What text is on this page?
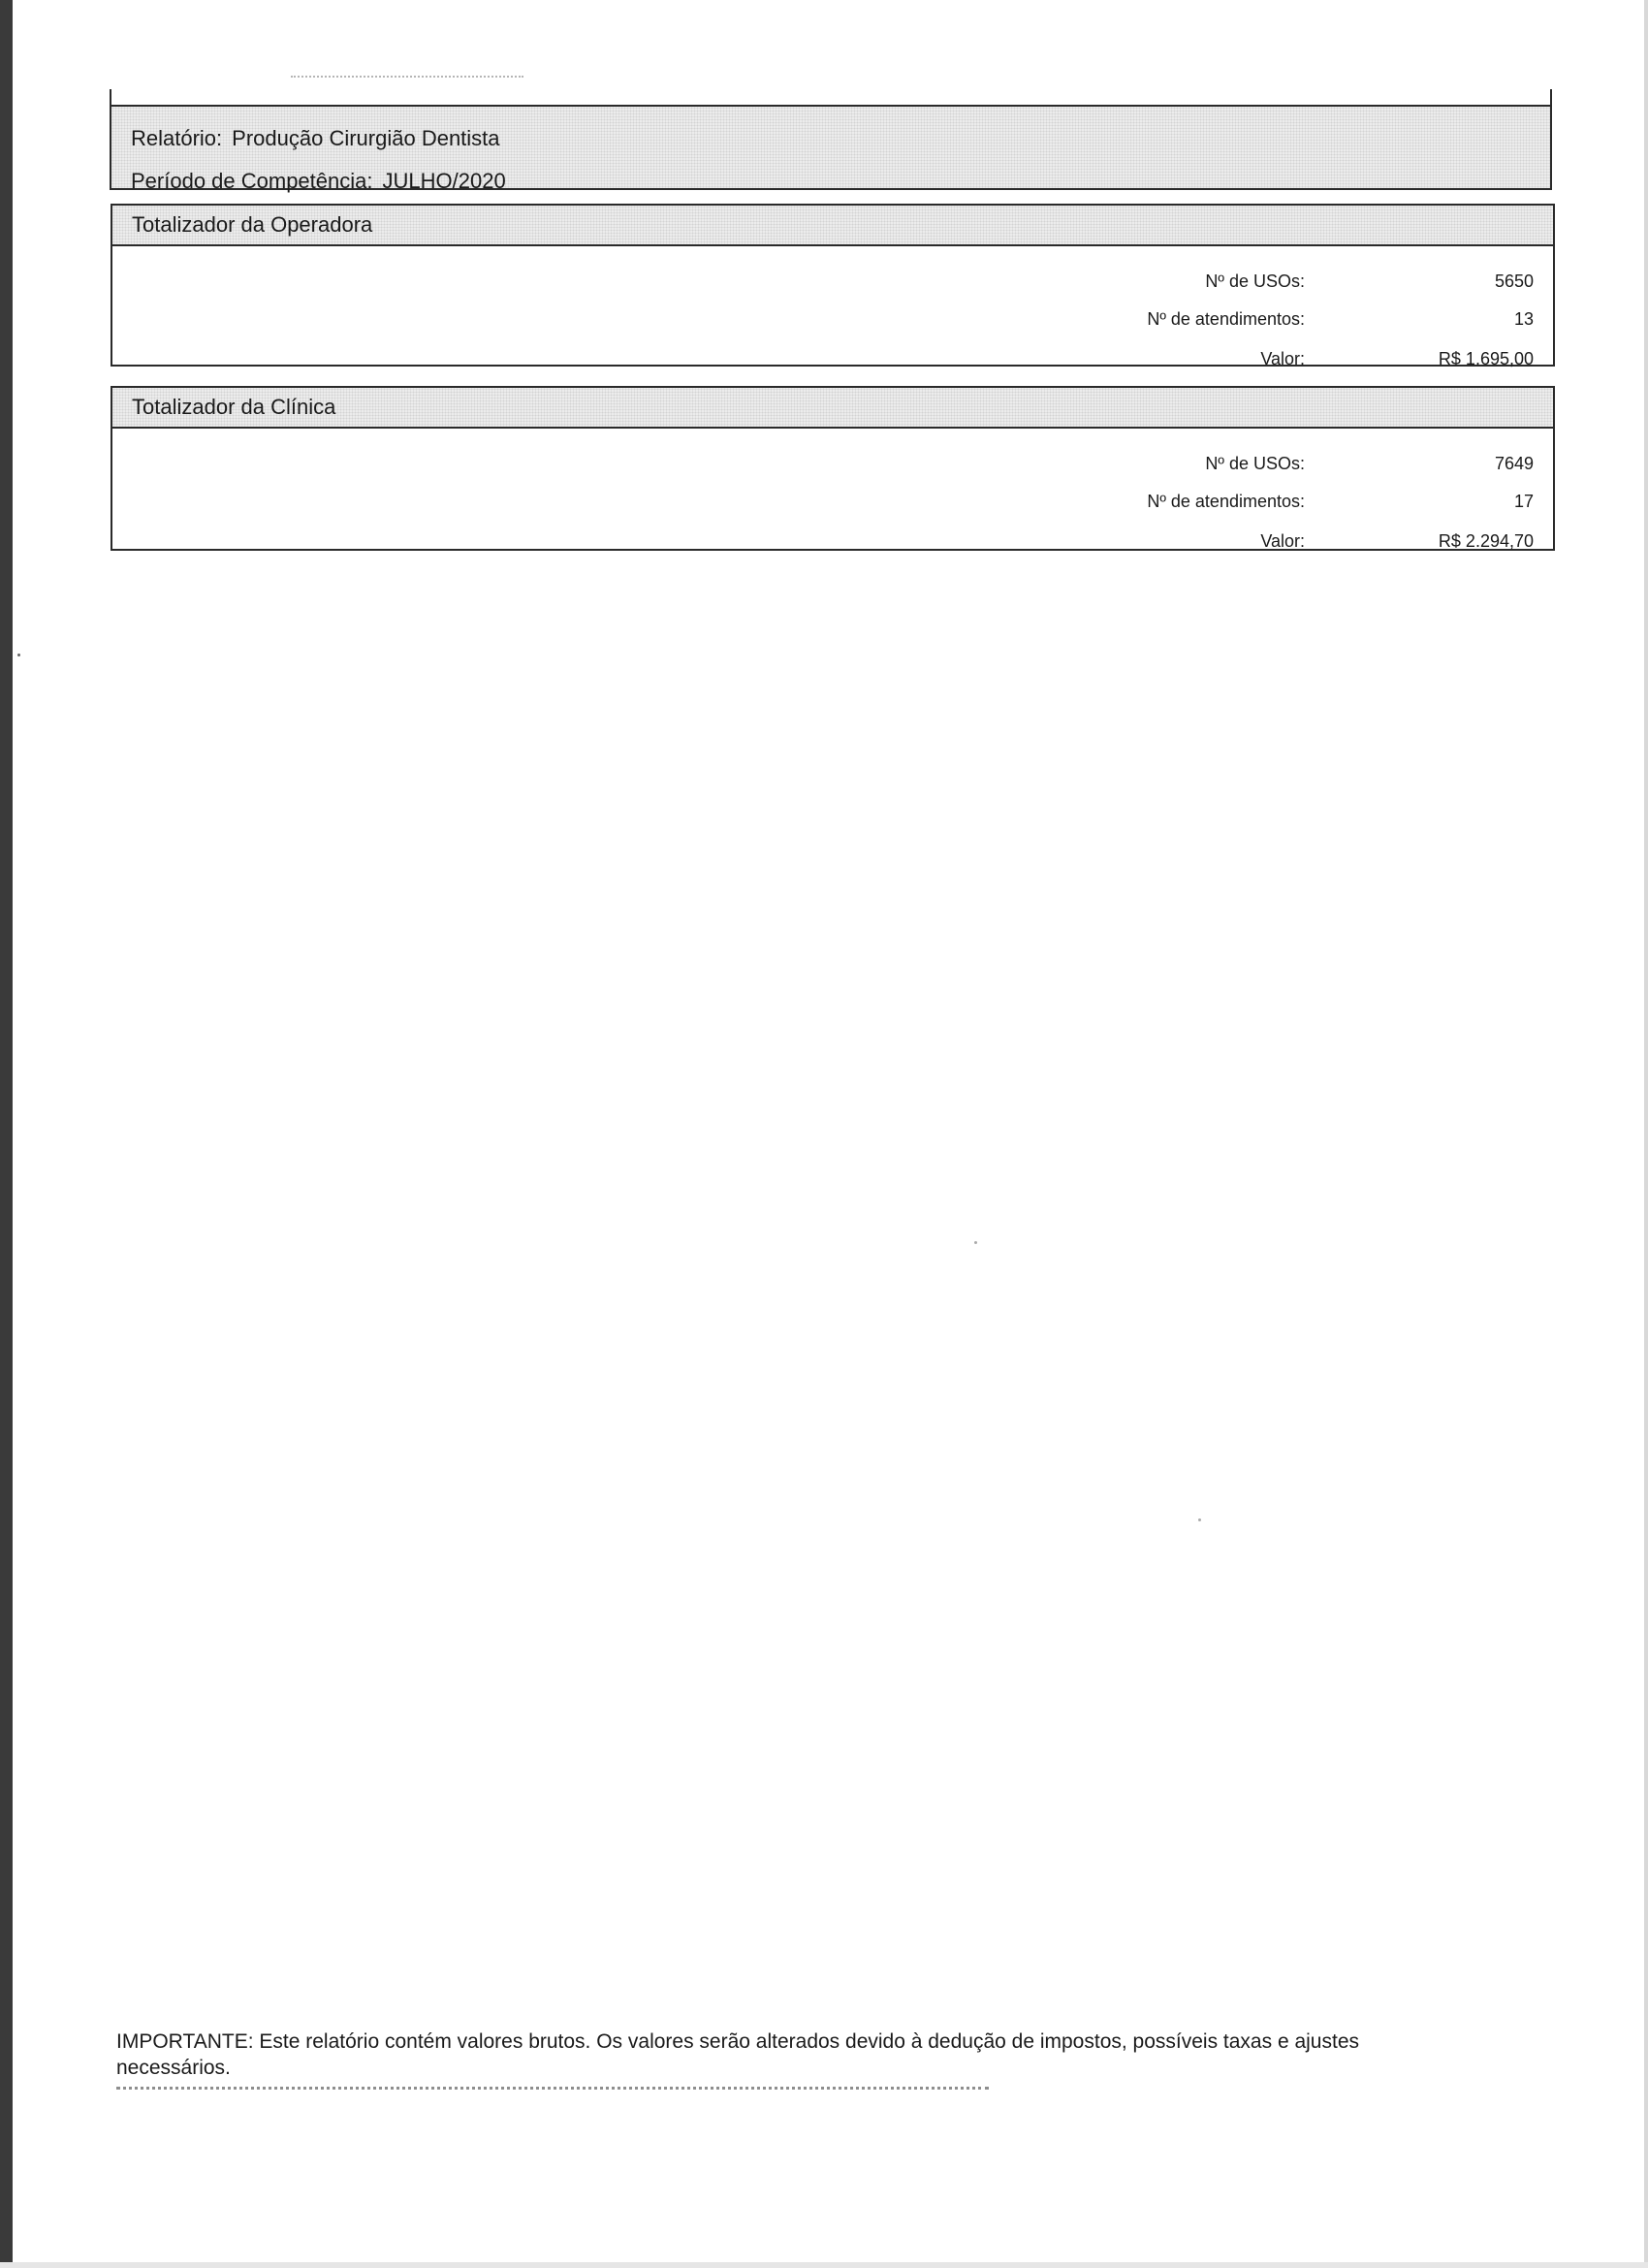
Relatório: Produção Cirurgião Dentista
Período de Competência: JULHO/2020
Totalizador da Operadora
Nº de USOs:	5650
Nº de atendimentos:	13
Valor:	R$ 1.695,00
Totalizador da Clínica
Nº de USOs:	7649
Nº de atendimentos:	17
Valor:	R$ 2.294,70
IMPORTANTE: Este relatório contém valores brutos. Os valores serão alterados devido à dedução de impostos, possíveis taxas e ajustes necessários.
